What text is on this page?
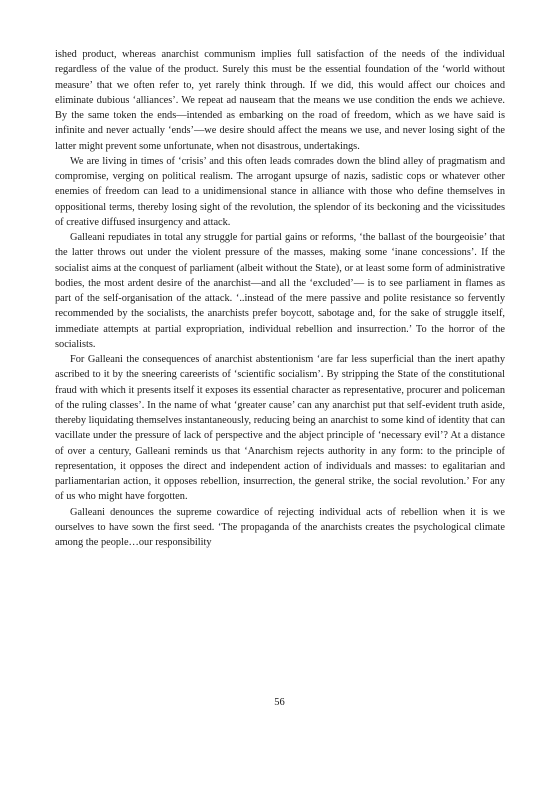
ished product, whereas anarchist communism implies full satisfaction of the needs of the individual regardless of the value of the product. Surely this must be the essential foundation of the ‘world without measure’ that we often refer to, yet rarely think through. If we did, this would affect our choices and eliminate dubious ‘alliances’. We repeat ad nauseam that the means we use condition the ends we achieve. By the same token the ends—intended as embarking on the road of freedom, which as we have said is infinite and never actually ‘ends’—we desire should affect the means we use, and never losing sight of the latter might prevent some unfortunate, when not disastrous, undertakings.

We are living in times of ‘crisis’ and this often leads comrades down the blind alley of pragmatism and compromise, verging on political realism. The arrogant upsurge of nazis, sadistic cops or whatever other enemies of freedom can lead to a unidimensional stance in alliance with those who define themselves in oppositional terms, thereby losing sight of the revolution, the splendor of its beckoning and the vicissitudes of creative diffused insurgency and attack.

Galleani repudiates in total any struggle for partial gains or reforms, ‘the ballast of the bourgeoisie’ that the latter throws out under the violent pressure of the masses, making some ‘inane concessions’. If the socialist aims at the conquest of parliament (albeit without the State), or at least some form of administrative bodies, the most ardent desire of the anarchist—and all the ‘excluded’— is to see parliament in flames as part of the self-organisation of the attack. ‘..instead of the mere passive and polite resistance so fervently recommended by the socialists, the anarchists prefer boycott, sabotage and, for the sake of struggle itself, immediate attempts at partial expropriation, individual rebellion and insurrection.’ To the horror of the socialists.

For Galleani the consequences of anarchist abstentionism ‘are far less superficial than the inert apathy ascribed to it by the sneering careerists of ‘scientific socialism’. By stripping the State of the constitutional fraud with which it presents itself it exposes its essential character as representative, procurer and policeman of the ruling classes’. In the name of what ‘greater cause’ can any anarchist put that self-evident truth aside, thereby liquidating themselves instantaneously, reducing being an anarchist to some kind of identity that can vacillate under the pressure of lack of perspective and the abject principle of ‘necessary evil’? At a distance of over a century, Galleani reminds us that ‘Anarchism rejects authority in any form: to the principle of representation, it opposes the direct and independent action of individuals and masses: to egalitarian and parliamentarian action, it opposes rebellion, insurrection, the general strike, the social revolution.’ For any of us who might have forgotten.

Galleani denounces the supreme cowardice of rejecting individual acts of rebellion when it is we ourselves to have sown the first seed. ‘The propaganda of the anarchists creates the psychological climate among the people…our responsibility

56
